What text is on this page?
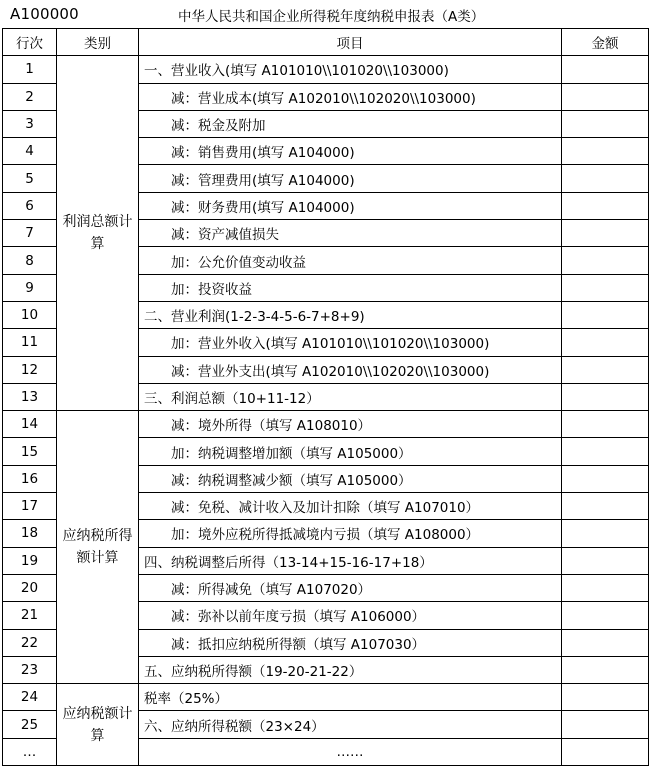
A100000	中华人民共和国企业所得税年度纳税申报表（A类）
行次	类别	项目	金额
1	利润总额计算	一、营业收入(填写 A101010\\101020\\103000)	
2		减：营业成本(填写 A102010\\102020\\103000)	
3		减：税金及附加	
4		减：销售费用(填写 A104000)	
5		减：管理费用(填写 A104000)	
6		减：财务费用(填写 A104000)	
7		减：资产减值损失	
8		加：公允价值变动收益	
9		加：投资收益	
10		二、营业利润(1-2-3-4-5-6-7+8+9)	
11		加：营业外收入(填写 A101010\\101020\\103000)	
12		减：营业外支出(填写 A102010\\102020\\103000)	
13		三、利润总额（10+11-12）	
14	应纳税所得额计算	减：境外所得（填写 A108010）	
15		加：纳税调整增加额（填写 A105000）	
16		减：纳税调整减少额（填写 A105000）	
17		减：免税、减计收入及加计扣除（填写 A107010）	
18		加：境外应税所得抵减境内亏损（填写 A108000）	
19		四、纳税调整后所得（13-14+15-16-17+18）	
20		减：所得减免（填写 A107020）	
21		减：弥补以前年度亏损（填写 A106000）	
22		减：抵扣应纳税所得额（填写 A107030）	
23		五、应纳税所得额（19-20-21-22）	
24	应纳税额计算	税率（25%）	
25		六、应纳所得税额（23×24）	
…		……	
